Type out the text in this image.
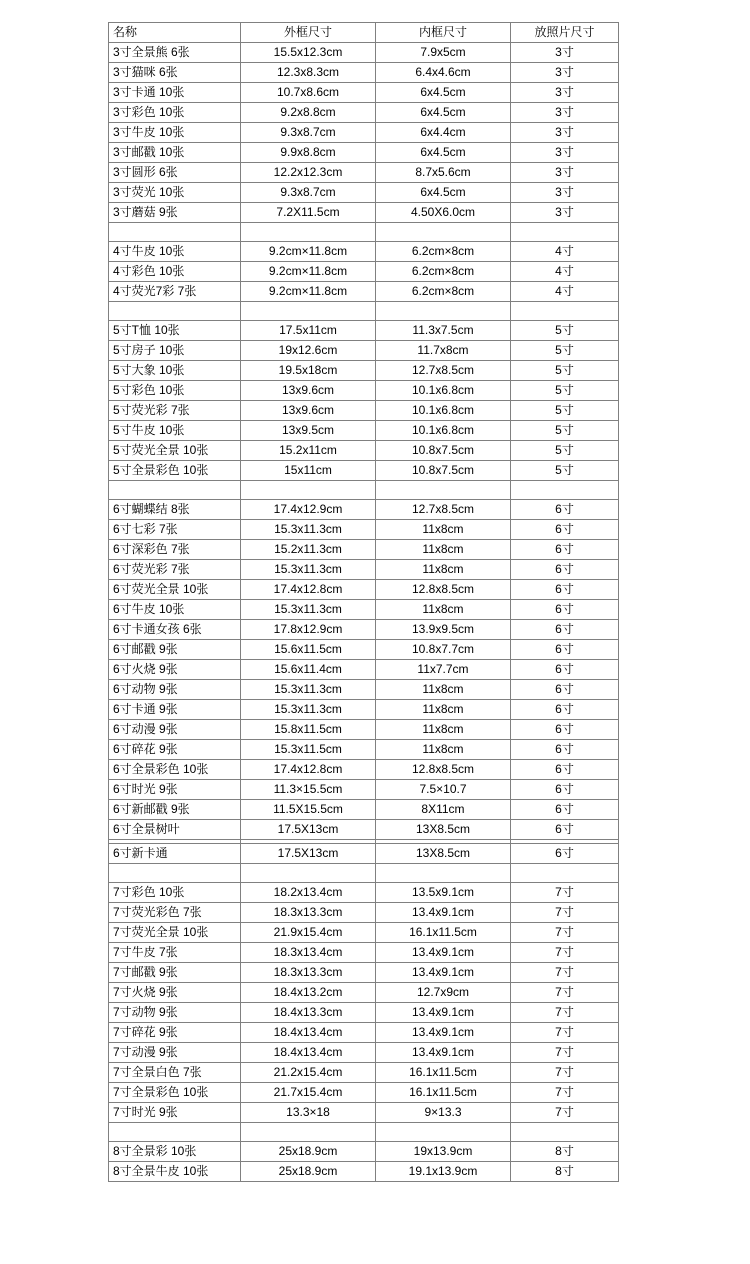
名称	外框尺寸	内框尺寸	放照片尺寸
3寸全景熊 6张	15.5x12.3cm	7.9x5cm	3寸
3寸猫咪 6张	12.3x8.3cm	6.4x4.6cm	3寸
3寸卡通 10张	10.7x8.6cm	6x4.5cm	3寸
3寸彩色 10张	9.2x8.8cm	6x4.5cm	3寸
3寸牛皮 10张	9.3x8.7cm	6x4.4cm	3寸
3寸邮戳 10张	9.9x8.8cm	6x4.5cm	3寸
3寸圆形 6张	12.2x12.3cm	8.7x5.6cm	3寸
3寸荧光 10张	9.3x8.7cm	6x4.5cm	3寸
3寸蘑菇 9张	7.2X11.5cm	4.50X6.0cm	3寸

4寸牛皮 10张	9.2cm×11.8cm	6.2cm×8cm	4寸
4寸彩色 10张	9.2cm×11.8cm	6.2cm×8cm	4寸
4寸荧光7彩 7张	9.2cm×11.8cm	6.2cm×8cm	4寸

5寸T恤 10张	17.5x11cm	11.3x7.5cm	5寸
5寸房子 10张	19x12.6cm	11.7x8cm	5寸
5寸大象 10张	19.5x18cm	12.7x8.5cm	5寸
5寸彩色 10张	13x9.6cm	10.1x6.8cm	5寸
5寸荧光彩 7张	13x9.6cm	10.1x6.8cm	5寸
5寸牛皮 10张	13x9.5cm	10.1x6.8cm	5寸
5寸荧光全景 10张	15.2x11cm	10.8x7.5cm	5寸
5寸全景彩色 10张	15x11cm	10.8x7.5cm	5寸

6寸蝴蝶结 8张	17.4x12.9cm	12.7x8.5cm	6寸
6寸七彩 7张	15.3x11.3cm	11x8cm	6寸
6寸深彩色 7张	15.2x11.3cm	11x8cm	6寸
6寸荧光彩 7张	15.3x11.3cm	11x8cm	6寸
6寸荧光全景 10张	17.4x12.8cm	12.8x8.5cm	6寸
6寸牛皮 10张	15.3x11.3cm	11x8cm	6寸
6寸卡通女孩 6张	17.8x12.9cm	13.9x9.5cm	6寸
6寸邮戳 9张	15.6x11.5cm	10.8x7.7cm	6寸
6寸火烧 9张	15.6x11.4cm	11x7.7cm	6寸
6寸动物 9张	15.3x11.3cm	11x8cm	6寸
6寸卡通 9张	15.3x11.3cm	11x8cm	6寸
6寸动漫 9张	15.8x11.5cm	11x8cm	6寸
6寸碎花 9张	15.3x11.5cm	11x8cm	6寸
6寸全景彩色 10张	17.4x12.8cm	12.8x8.5cm	6寸
6寸时光 9张	11.3×15.5cm	7.5×10.7	6寸
6寸新邮戳 9张	11.5X15.5cm	8X11cm	6寸
6寸全景树叶	17.5X13cm	13X8.5cm	6寸

6寸新卡通	17.5X13cm	13X8.5cm	6寸

7寸彩色 10张	18.2x13.4cm	13.5x9.1cm	7寸
7寸荧光彩色 7张	18.3x13.3cm	13.4x9.1cm	7寸
7寸荧光全景 10张	21.9x15.4cm	16.1x11.5cm	7寸
7寸牛皮 7张	18.3x13.4cm	13.4x9.1cm	7寸
7寸邮戳 9张	18.3x13.3cm	13.4x9.1cm	7寸
7寸火烧 9张	18.4x13.2cm	12.7x9cm	7寸
7寸动物 9张	18.4x13.3cm	13.4x9.1cm	7寸
7寸碎花 9张	18.4x13.4cm	13.4x9.1cm	7寸
7寸动漫 9张	18.4x13.4cm	13.4x9.1cm	7寸
7寸全景白色 7张	21.2x15.4cm	16.1x11.5cm	7寸
7寸全景彩色 10张	21.7x15.4cm	16.1x11.5cm	7寸
7寸时光 9张	13.3×18	9×13.3	7寸

8寸全景彩 10张	25x18.9cm	19x13.9cm	8寸
8寸全景牛皮 10张	25x18.9cm	19.1x13.9cm	8寸
